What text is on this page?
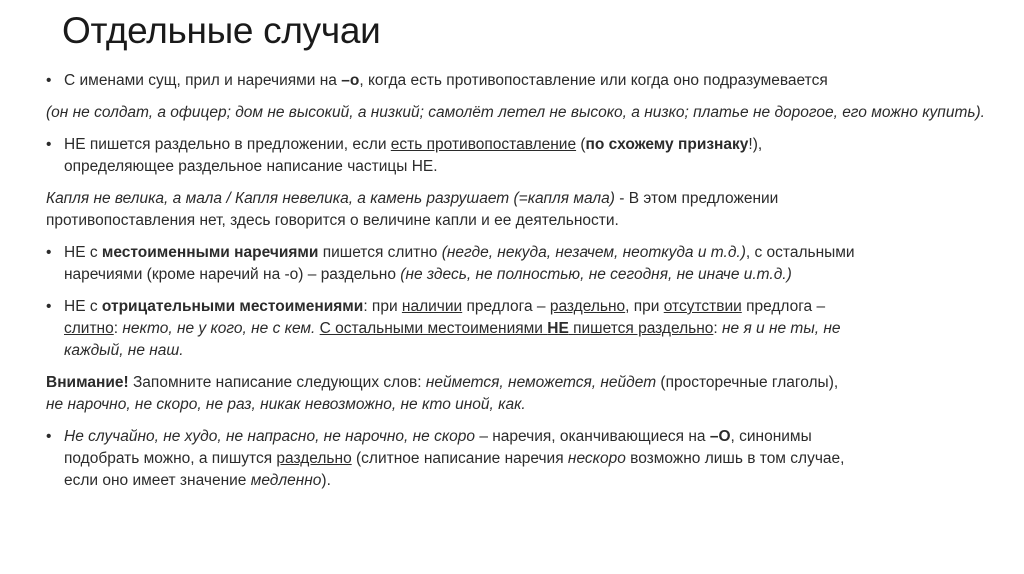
Отдельные случаи
• С именами сущ, прил и наречиями на –о, когда есть противопоставление или когда оно подразумевается
(он не солдат, а офицер; дом не высокий, а низкий; самолёт летел не высоко, а низко; платье не дорогое, его можно купить).
• НЕ пишется раздельно в предложении, если есть противопоставление (по схожему признаку!),
определяющее раздельное написание частицы НЕ.
Капля не велика, а мала / Капля невелика, а камень разрушает (=капля мала) - В этом предложении
противопоставления нет, здесь говорится о величине капли и ее деятельности.
• НЕ с местоименными наречиями пишется слитно (негде, некуда, незачем, неоткуда и т.д.), с остальными
наречиями (кроме наречий на -о) – раздельно (не здесь, не полностью, не сегодня, не иначе и.т.д.)
• НЕ с отрицательными местоимениями: при наличии предлога – раздельно, при отсутствии предлога –
слитно: некто, не у кого, не с кем. С остальными местоимениями НЕ пишется раздельно: не я и не ты, не
каждый, не наш.
Внимание! Запомните написание следующих слов: неймется, неможется, нейдет (просторечные глаголы),
не нарочно, не скоро, не раз, никак невозможно, не кто иной, как.
• Не случайно, не худо, не напрасно, не нарочно, не скоро – наречия, оканчивающиеся на –О, синонимы
подобрать можно, а пишутся раздельно (слитное написание наречия нескоро возможно лишь в том случае,
если оно имеет значение медленно).
